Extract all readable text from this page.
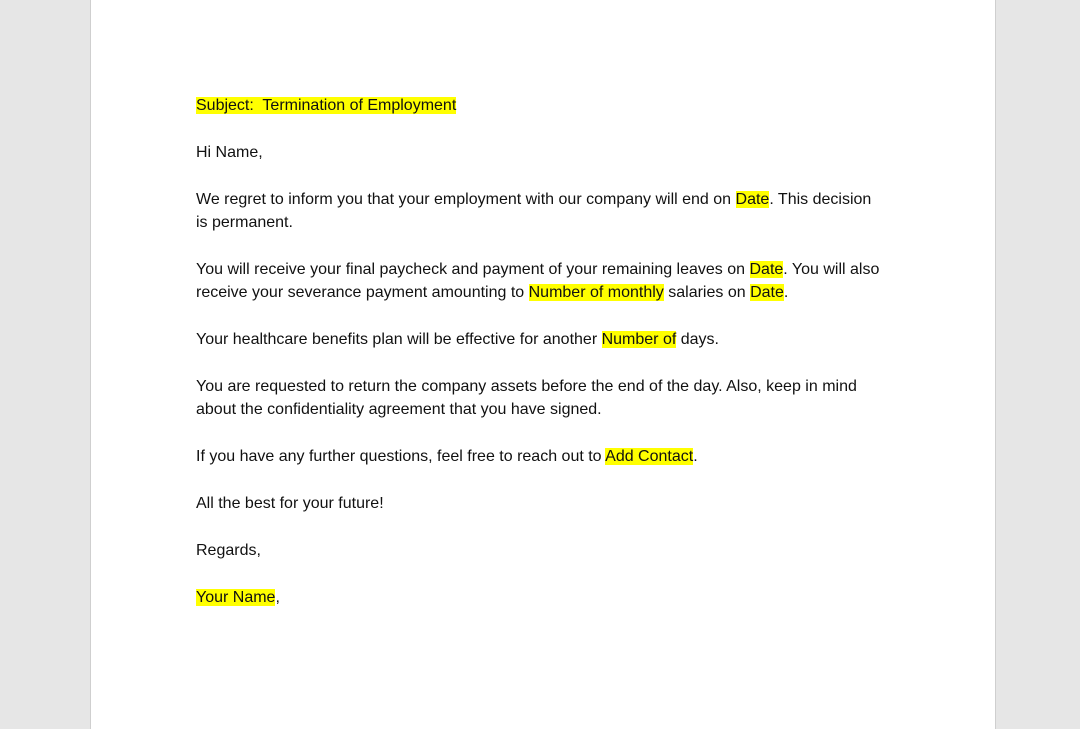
Subject:  Termination of Employment

Hi Name,

We regret to inform you that your employment with our company will end on Date. This decision is permanent.

You will receive your final paycheck and payment of your remaining leaves on Date. You will also receive your severance payment amounting to Number of monthly salaries on Date.

Your healthcare benefits plan will be effective for another Number of days.

You are requested to return the company assets before the end of the day. Also, keep in mind about the confidentiality agreement that you have signed.

If you have any further questions, feel free to reach out to Add Contact.

All the best for your future!

Regards,

Your Name,
